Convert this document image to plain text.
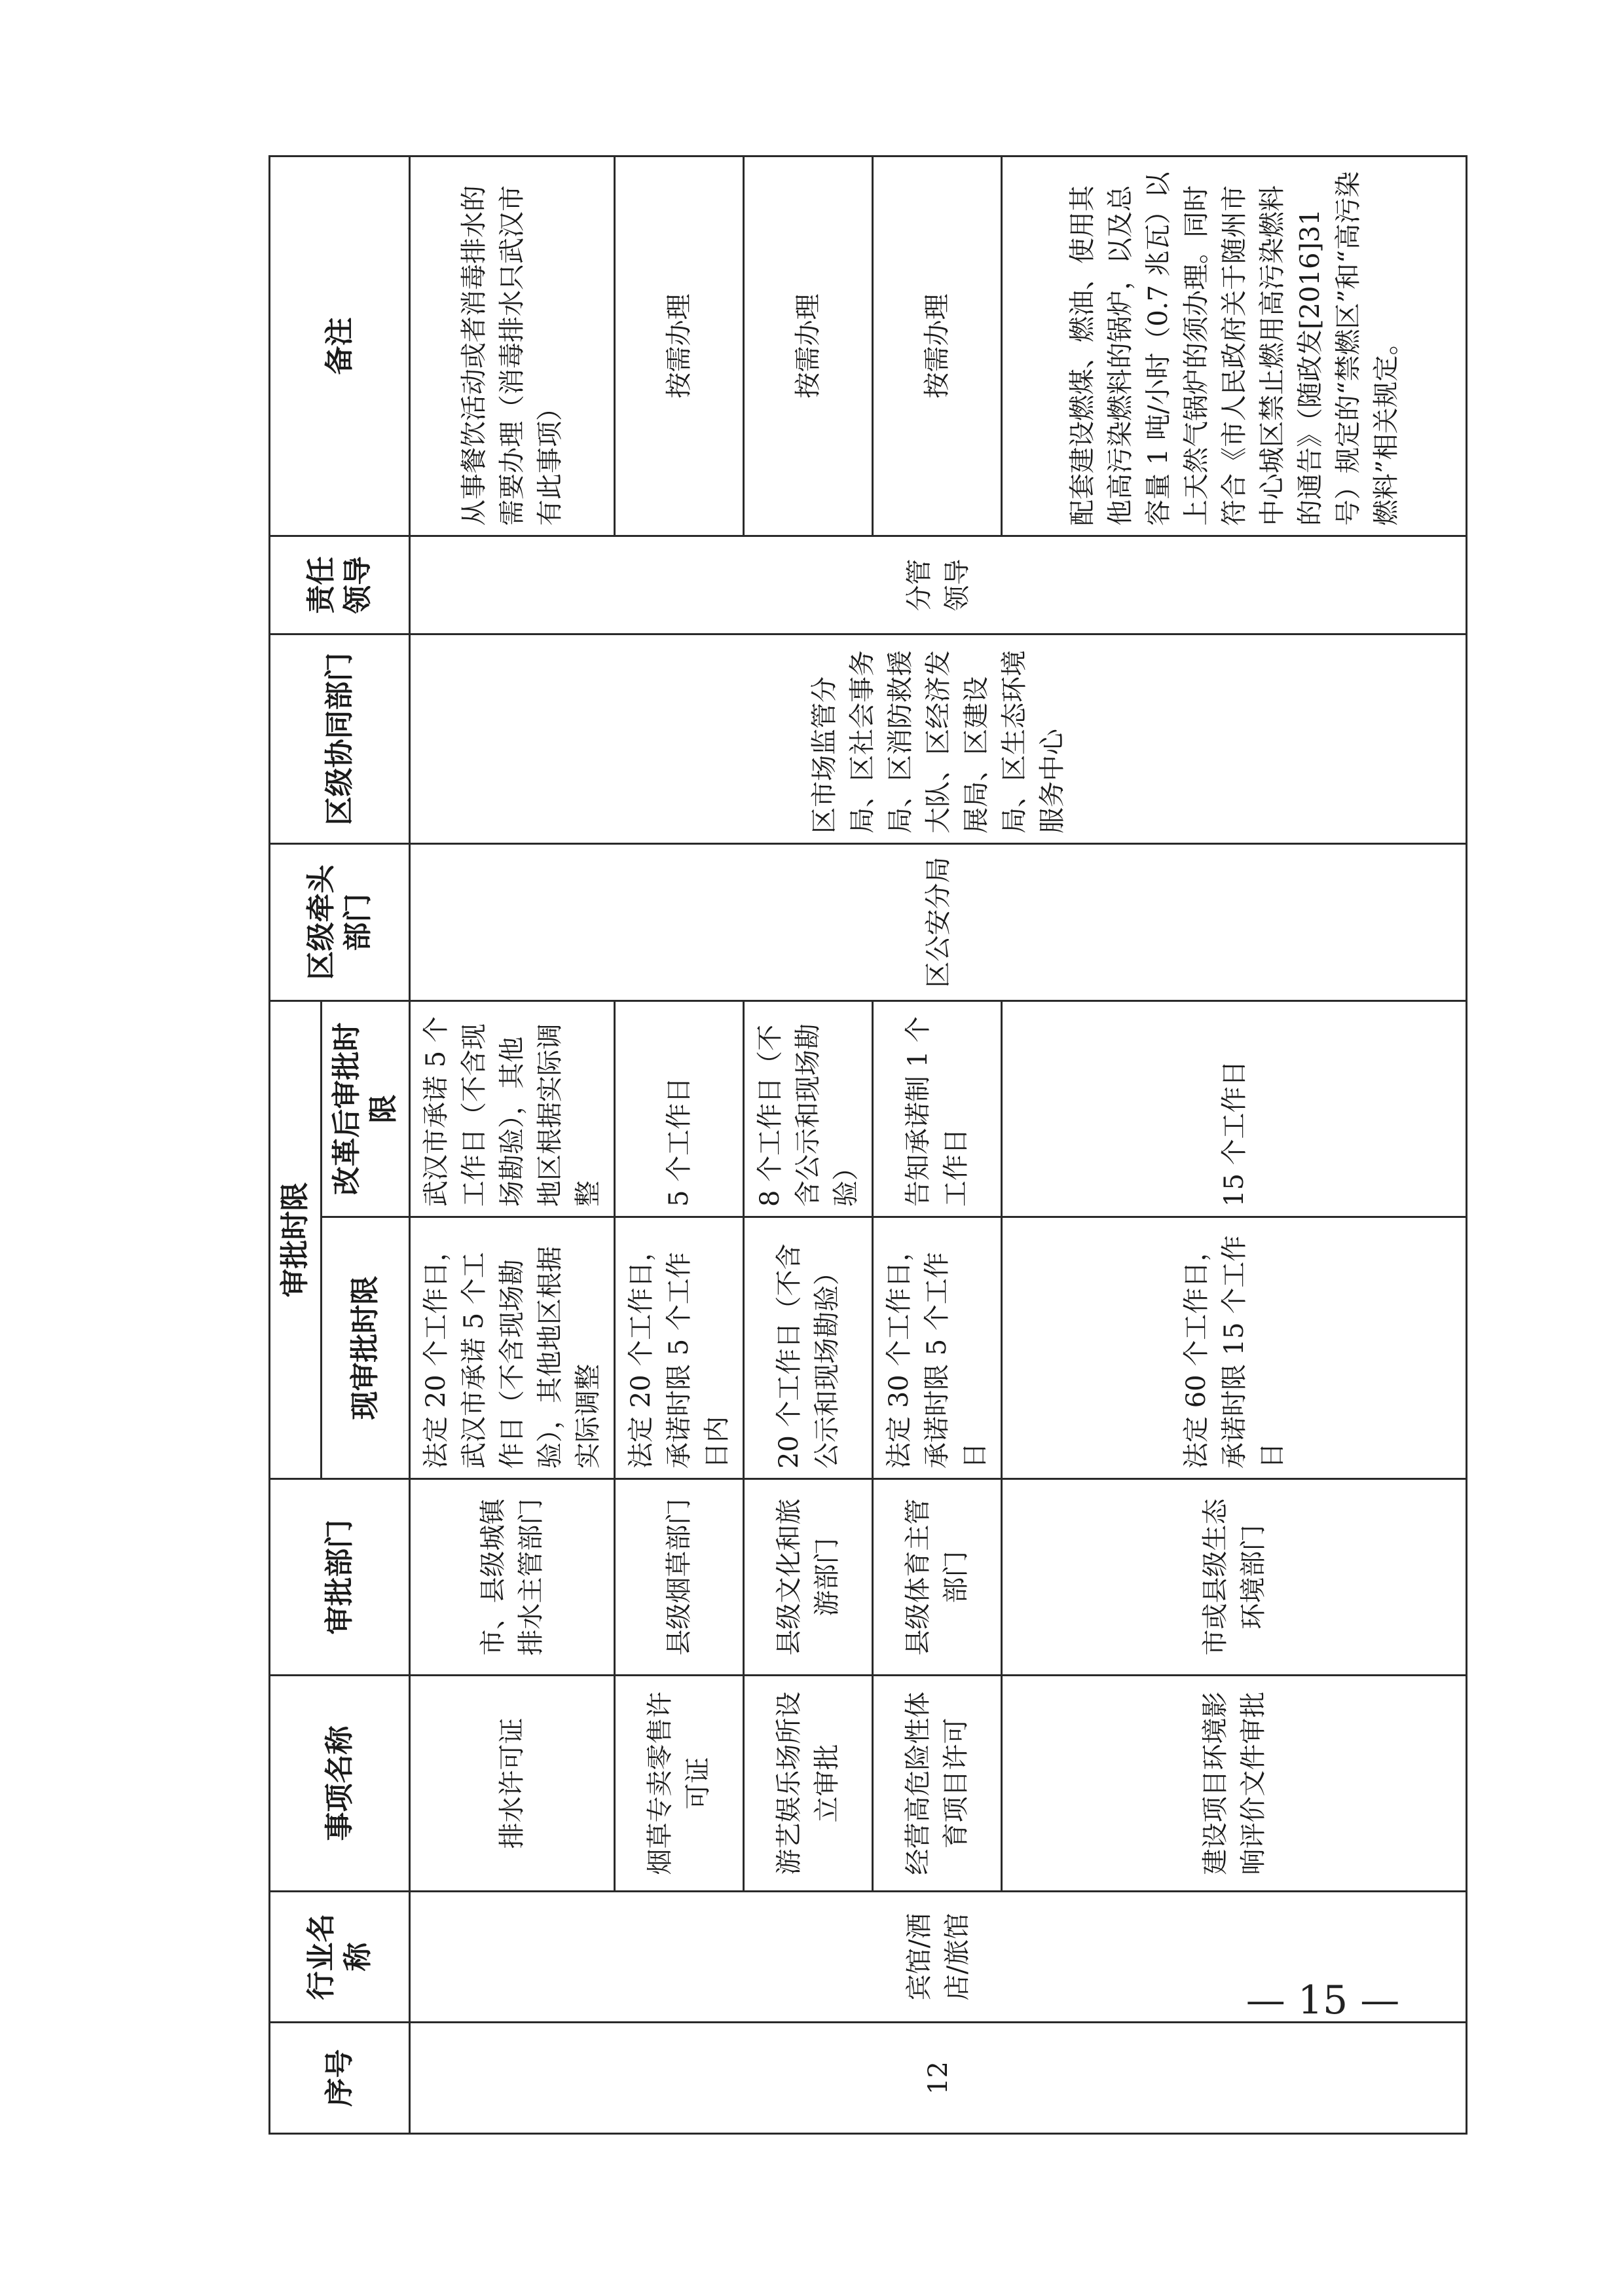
序号	行业名称	事项名称	审批部门	审批时限		区级牵头部门	区级协同部门	责任领导	备注
				现审批时限	改革后审批时限				
12	宾馆/酒店/旅馆	排水许可证	市、县级城镇排水主管部门	法定 20 个工作日，武汉市承诺 5 个工作日（不含现场勘验），其他地区根据实际调整	武汉市承诺 5 个工作日（不含现场勘验），其他地区根据实际调整	区公安分局	区市场监管分局、区社会事务局、区消防救援大队、区经济发展局、区建设局、区生态环境服务中心	分管领导	从事餐饮活动或者消毒排水的需要办理（消毒排水只武汉市有此事项）
		烟草专卖零售许可证	县级烟草部门	法定 20 个工作日，承诺时限 5 个工作日内	5 个工作日				按需办理
		游艺娱乐场所设立审批	县级文化和旅游部门	20 个工作日（不含公示和现场勘验）	8 个工作日（不含公示和现场勘验）				按需办理
		经营高危险性体育项目许可	县级体育主管部门	法定 30 个工作日，承诺时限 5 个工作日	告知承诺制 1 个工作日				按需办理
		建设项目环境影响评价文件审批	市或县级生态环境部门	法定 60 个工作日，承诺时限 15 个工作日	15 个工作日				配套建设燃煤、燃油、使用其他高污染燃料的锅炉，以及总容量 1 吨/小时（0.7 兆瓦）以上天然气锅炉的须办理。同时符合《市人民政府关于随州市中心城区禁止燃用高污染燃料的通告》（随政发[2016]31 号）规定的“禁燃区”和“高污染燃料”相关规定。
— 15 —
